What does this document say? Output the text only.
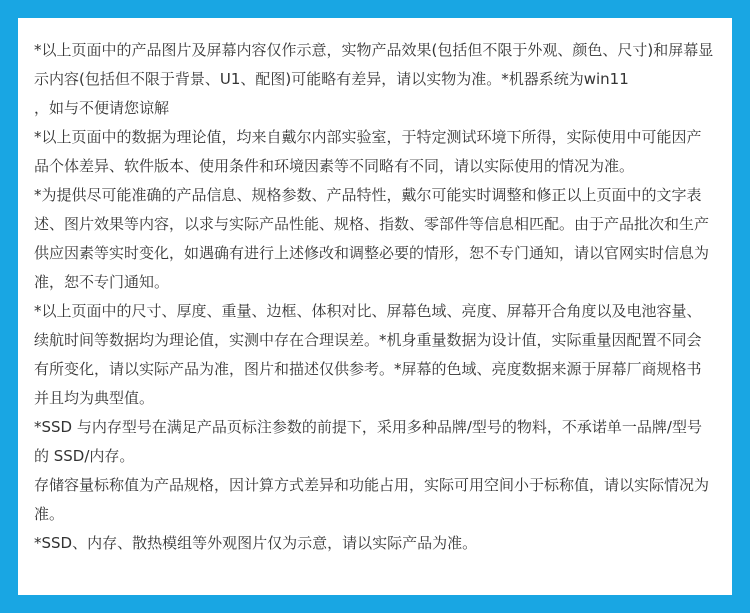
*以上页面中的产品图片及屏幕内容仅作示意，实物产品效果(包括但不限于外观、颜色、尺寸)和屏幕显示内容(包括但不限于背景、U1、配图)可能略有差异，请以实物为准。*机器系统为win11
，如与不便请您谅解

*以上页面中的数据为理论值，均来自戴尔内部实验室，于特定测试环境下所得，实际使用中可能因产品个体差异、软件版本、使用条件和环境因素等不同略有不同，请以实际使用的情况为准。

*为提供尽可能准确的产品信息、规格参数、产品特性，戴尔可能实时调整和修正以上页面中的文字表述、图片效果等内容，以求与实际产品性能、规格、指数、零部件等信息相匹配。由于产品批次和生产供应因素等实时变化，如遇确有进行上述修改和调整必要的情形，恕不专门通知，请以官网实时信息为准，恕不专门通知。

*以上页面中的尺寸、厚度、重量、边框、体积对比、屏幕色域、亮度、屏幕开合角度以及电池容量、续航时间等数据均为理论值，实测中存在合理误差。*机身重量数据为设计值，实际重量因配置不同会有所变化，请以实际产品为准，图片和描述仅供参考。*屏幕的色域、亮度数据来源于屏幕厂商规格书并且均为典型值。

*SSD 与内存型号在满足产品页标注参数的前提下，采用多种品牌/型号的物料，不承诺单一品牌/型号的 SSD/内存。

存储容量标称值为产品规格，因计算方式差异和功能占用，实际可用空间小于标称值，请以实际情况为准。

*SSD、内存、散热模组等外观图片仅为示意，请以实际产品为准。
